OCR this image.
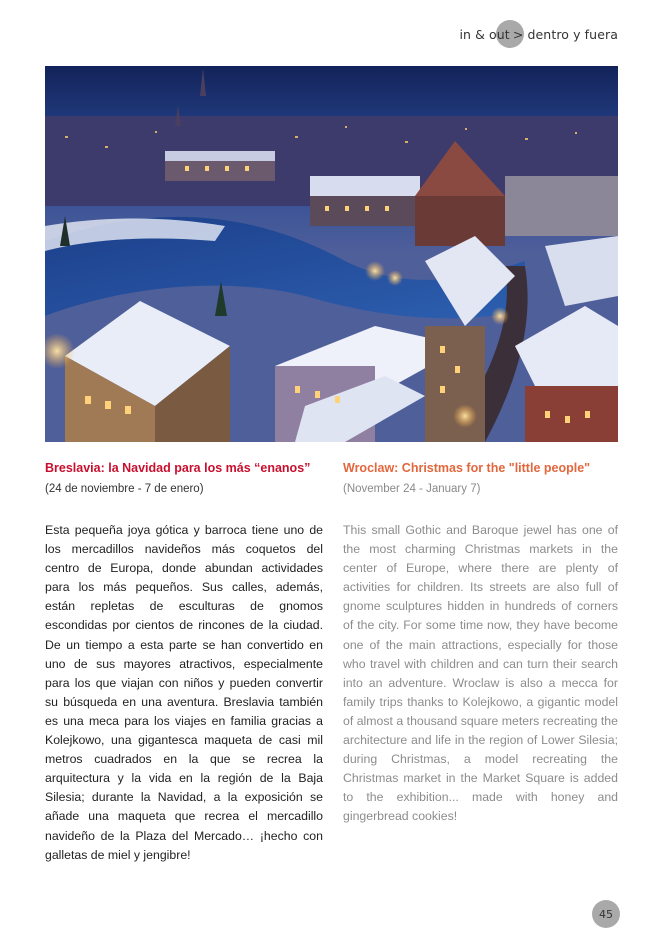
in & out > dentro y fuera
Breslavia: la Navidad para los más “enanos”
(24 de noviembre - 7 de enero)

Esta pequeña joya gótica y barroca tiene uno de los mercadillos navideños más coquetos del centro de Europa, donde abundan actividades para los más pequeños. Sus calles, además, están repletas de esculturas de gnomos escondidas por cientos de rincones de la ciudad. De un tiempo a esta parte se han convertido en uno de sus mayores atractivos, especialmente para los que viajan con niños y pueden convertir su búsqueda en una aventura. Breslavia también es una meca para los viajes en familia gracias a Kolejkowo, una gigantesca maqueta de casi mil metros cuadrados en la que se recrea la arquitectura y la vida en la región de la Baja Silesia; durante la Navidad, a la exposición se añade una maqueta que recrea el mercadillo navideño de la Plaza del Mercado… ¡hecho con galletas de miel y jengibre!

Wroclaw: Christmas for the "little people"
(November 24 - January 7)

This small Gothic and Baroque jewel has one of the most charming Christmas markets in the center of Europe, where there are plenty of activities for children. Its streets are also full of gnome sculptures hidden in hundreds of corners of the city. For some time now, they have become one of the main attractions, especially for those who travel with children and can turn their search into an adventure. Wroclaw is also a mecca for family trips thanks to Kolejkowo, a gigantic model of almost a thousand square meters recreating the architecture and life in the region of Lower Silesia; during Christmas, a model recreating the Christmas market in the Market Square is added to the exhibition... made with honey and gingerbread cookies!

45
